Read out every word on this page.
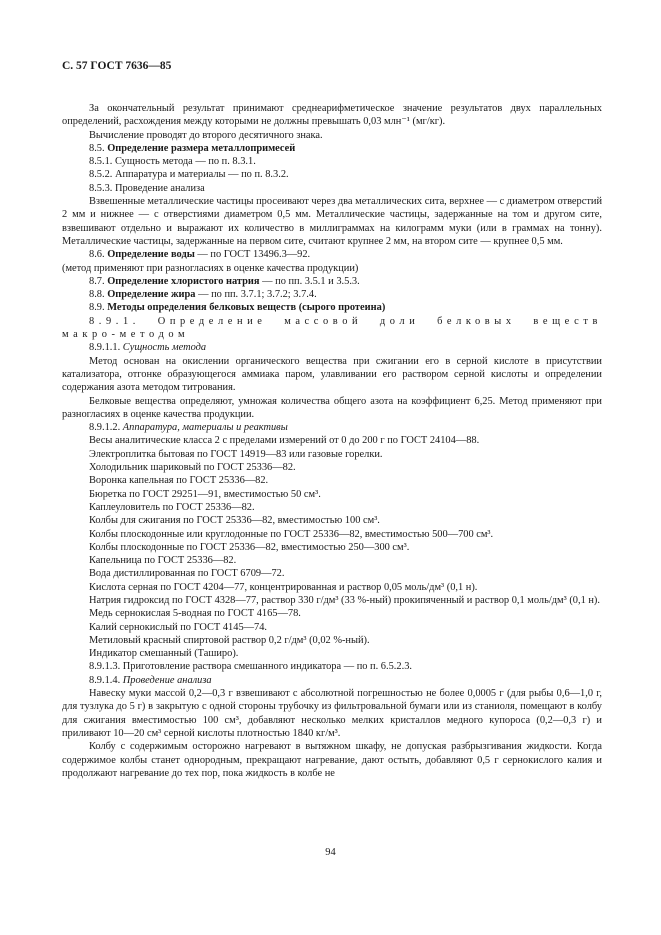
С. 57 ГОСТ 7636—85

За окончательный результат принимают среднеарифметическое значение результатов двух параллельных определений, расхождения между которыми не должны превышать 0,03 млн⁻¹ (мг/кг).

Вычисление проводят до второго десятичного знака.

8.5. Определение размера металлопримесей

8.5.1. Сущность метода — по п. 8.3.1.

8.5.2. Аппаратура и материалы — по п. 8.3.2.

8.5.3. Проведение анализа

Взвешенные металлические частицы просеивают через два металлических сита, верхнее — с диаметром отверстий 2 мм и нижнее — с отверстиями диаметром 0,5 мм. Металлические частицы, задержанные на том и другом сите, взвешивают отдельно и выражают их количество в миллиграммах на килограмм муки (или в граммах на тонну). Металлические частицы, задержанные на первом сите, считают крупнее 2 мм, на втором сите — крупнее 0,5 мм.

8.6. Определение воды — по ГОСТ 13496.3—92.

(метод применяют при разногласиях в оценке качества продукции)

8.7. Определение хлористого натрия — по пп. 3.5.1 и 3.5.3.

8.8. Определение жира — по пп. 3.7.1; 3.7.2; 3.7.4.

8.9. Методы определения белковых веществ (сырого протеина)

8.9.1. Определение массовой доли белковых веществ макро-методом

8.9.1.1. Сущность метода

Метод основан на окислении органического вещества при сжигании его в серной кислоте в присутствии катализатора, отгонке образующегося аммиака паром, улавливании его раствором серной кислоты и определении содержания азота методом титрования.

Белковые вещества определяют, умножая количества общего азота на коэффициент 6,25. Метод применяют при разногласиях в оценке качества продукции.

8.9.1.2. Аппаратура, материалы и реактивы

Весы аналитические класса 2 с пределами измерений от 0 до 200 г по ГОСТ 24104—88.

Электроплитка бытовая по ГОСТ 14919—83 или газовые горелки.

Холодильник шариковый по ГОСТ 25336—82.

Воронка капельная по ГОСТ 25336—82.

Бюретка по ГОСТ 29251—91, вместимостью 50 см³.

Каплеуловитель по ГОСТ 25336—82.

Колбы для сжигания по ГОСТ 25336—82, вместимостью 100 см³.

Колбы плоскодонные или круглодонные по ГОСТ 25336—82, вместимостью 500—700 см³.

Колбы плоскодонные по ГОСТ 25336—82, вместимостью 250—300 см³.

Капельница по ГОСТ 25336—82.

Вода дистиллированная по ГОСТ 6709—72.

Кислота серная по ГОСТ 4204—77, концентрированная и раствор 0,05 моль/дм³ (0,1 н).

Натрия гидроксид по ГОСТ 4328—77, раствор 330 г/дм³ (33 %-ный) прокипяченный и раствор 0,1 моль/дм³ (0,1 н).

Медь сернокислая 5-водная по ГОСТ 4165—78.

Калий сернокислый по ГОСТ 4145—74.

Метиловый красный спиртовой раствор 0,2 г/дм³ (0,02 %-ный).

Индикатор смешанный (Таширо).

8.9.1.3. Приготовление раствора смешанного индикатора — по п. 6.5.2.3.

8.9.1.4. Проведение анализа

Навеску муки массой 0,2—0,3 г взвешивают с абсолютной погрешностью не более 0,0005 г (для рыбы 0,6—1,0 г, для тузлука до 5 г) в закрытую с одной стороны трубочку из фильтровальной бумаги или из станиоля, помещают в колбу для сжигания вместимостью 100 см³, добавляют несколько мелких кристаллов медного купороса (0,2—0,3 г) и приливают 10—20 см³ серной кислоты плотностью 1840 кг/м³.

Колбу с содержимым осторожно нагревают в вытяжном шкафу, не допуская разбрызгивания жидкости. Когда содержимое колбы станет однородным, прекращают нагревание, дают остыть, добавляют 0,5 г сернокислого калия и продолжают нагревание до тех пор, пока жидкость в колбе не

94
